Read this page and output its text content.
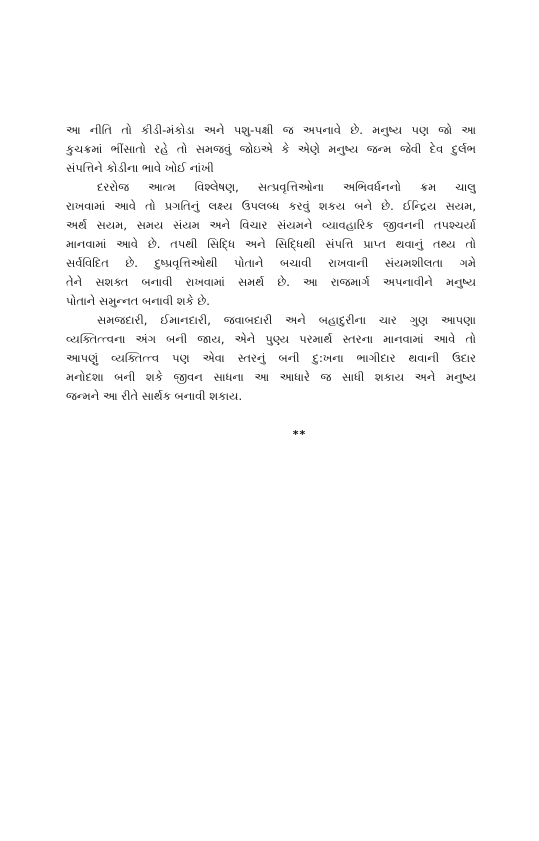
આ નીતિ તો કીડી-મંકોડા અને પશુ-પક્ષી જ અપનાવે છે. મનુષ્ય પણ જો આ
કુચક્રમાં ભીંસાતો રહે તો સમજવું જોઇએ કે એણે મનુષ્ય જન્મ જેવી દેવ દુર્લભ
સંપત્તિને કોડીના ભાવે ખોઈ નાંખી
દરરોજ આત્મ વિશ્લેષણ, સત્પ્રવૃત્તિઓના અભિવર્ધનનો ક્રમ ચાલુ
રાખવામાં આવે તો પ્રગતિનું લક્ષ્ય ઉપલબ્ધ કરવું શકય બને છે. ઈન્દ્રિય સયમ,
અર્થ સયમ, સમય સંયમ અને વિચાર સંયમને વ્યાવહારિક જીવનની તપશ્ચર્યા
માનવામાં આવે છે. તપથી સિદ્ધિ અને સિદ્ધિથી સંપત્તિ પ્રાપ્ત થવાનું તથ્ય તો
સર્વવિદિત છે. દુષ્પ્રવૃત્તિઓથી પોતાને બચાવી રાખવાની સંયમશીલતા ગમે
તેને સશક્ત બનાવી રાખવામાં સમર્થ છે. આ રાજમાર્ગ અપનાવીને મનુષ્ય
પોતાને સમુન્નત બનાવી શકે છે.
સમજદારી, ઈમાનદારી, જવાબદારી અને બહાદુરીના ચાર ગુણ આપણા
વ્યક્તિત્ત્વના અંગ બની જાય, એને પુણ્ય પરમાર્થ સ્તરના માનવામાં આવે તો
આપણું વ્યક્તિત્ત્વ પણ એવા સ્તરનું બની દુ:ખના ભાગીદાર થવાની ઉદાર
મનોદશા બની શકે જીવન સાધના આ આધારે જ સાધી શકાય અને મનુષ્ય
જન્મને આ રીતે સાર્થક બનાવી શકાય.
**
